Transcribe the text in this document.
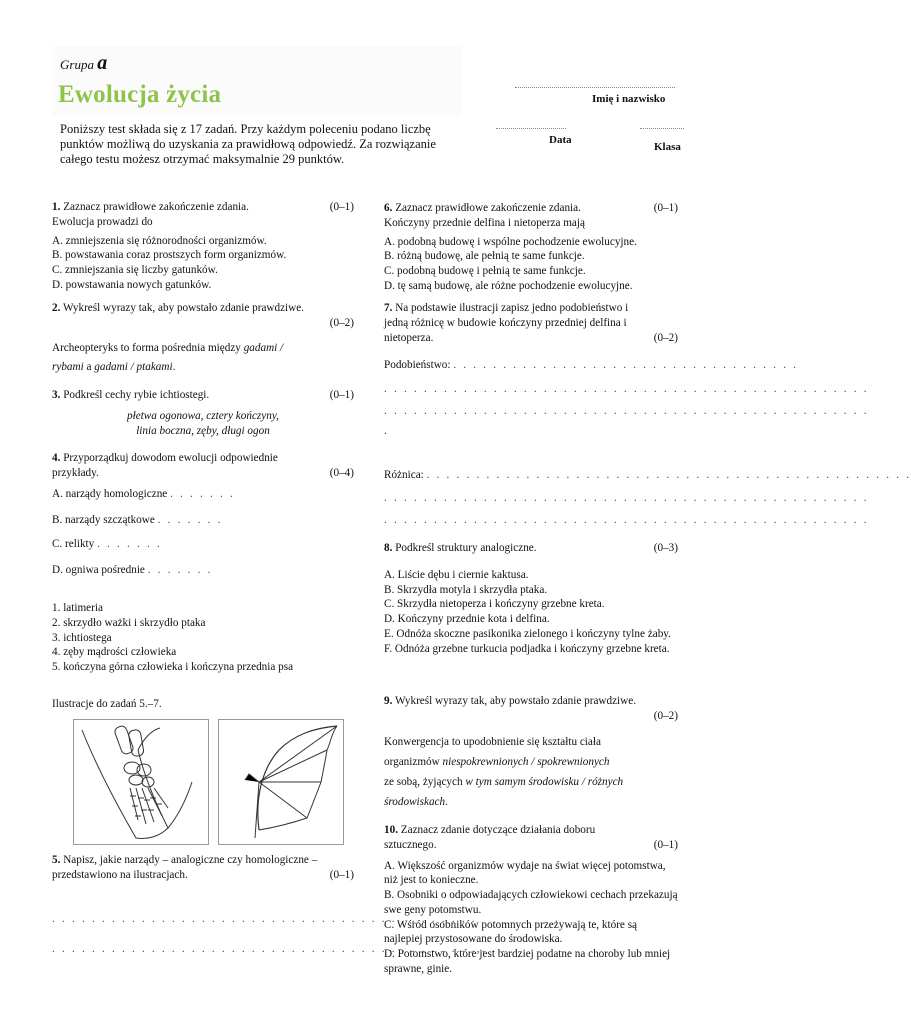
Grupa a
Ewolucja życia	Imię i nazwisko
Data
Klasa
Poniższy test składa się z 17 zadań. Przy każdym poleceniu podano liczbę punktów możliwą do uzyskania za prawidłową odpowiedź. Za rozwiązanie całego testu możesz otrzymać maksymalnie 29 punktów.

1. Zaznacz prawidłowe zakończenie zdania.	(0–1)

Ewolucja prowadzi do

A. zmniejszenia się różnorodności organizmów.
B. powstawania coraz prostszych form organizmów.
C. zmniejszania się liczby gatunków.
D. powstawania nowych gatunków.

2. Wykreśl wyrazy tak, aby powstało zdanie prawdziwe.

(0–2)

Archeopteryks to forma pośrednia między gadami /
rybami a gadami / ptakami.

3. Podkreśl cechy rybie ichtiostegi.	(0–1)

płetwa ogonowa, cztery kończyny,

linia boczna, zęby, długi ogon

4. Przyporządkuj dowodom ewolucji odpowiednie

przykłady.	(0–4)

A. narządy homologiczne . . . . . . .
B. narządy szczątkowe . . . . . . .
C. relikty . . . . . . .
D. ogniwa pośrednie . . . . . . .

1. latimeria

2. skrzydło ważki i skrzydło ptaka

3. ichtiostega

4. zęby mądrości człowieka

5. kończyna górna człowieka i kończyna przednia psa

Ilustracje do zadań 5.–7.

5. Napisz, jakie narządy – analogiczne czy homologiczne –

przedstawiono na ilustracjach.	(0–1)

. . . . . . . . . . . . . . . . . . . . . . . . . . . . . . . . . . . . . . . . . . .
. . . . . . . . . . . . . . . . . . . . . . . . . . . . . . . . . . . . . . . . . . .,. . .

6. Zaznacz prawidłowe zakończenie zdania.	(0–1)

Kończyny przednie delfina i nietoperza mają

A. podobną budowę i wspólne pochodzenie ewolucyjne.
B. różną budowę, ale pełnią te same funkcje.
C. podobną budowę i pełnią te same funkcje.
D. tę samą budowę, ale różne pochodzenie ewolucyjne.

7. Na podstawie ilustracji zapisz jedno podobieństwo i

jedną różnicę w budowie kończyny przedniej delfina i

nietoperza.	(0–2)

Podobieństwo: . . . . . . . . . . . . . . . . . . . . . . . . . . . . . . . . . . .
. . . . . . . . . . . . . . . . . . . . . . . . . . . . . . . . . . . . . . . . . . . . . . . . .
. . . . . . . . . . . . . . . . . . . . . . . . . . . . . . . . . . . . . . . . . . . . . . . . .
.
Różnica: . . . . . . . . . . . . . . . . . . . . . . . . . . . . . . . . . . . . . . . . . . . . . . . . .
. . . . . . . . . . . . . . . . . . . . . . . . . . . . . . . . . . . . . . . . . . . . . . . . .
. . . . . . . . . . . . . . . . . . . . . . . . . . . . . . . . . . . . . . . . . . . . . . . . .

8. Podkreśl struktury analogiczne.	(0–3)

A. Liście dębu i ciernie kaktusa.
B. Skrzydła motyla i skrzydła ptaka.
C. Skrzydła nietoperza i kończyny grzebne kreta.
D. Kończyny przednie kota i delfina.
E. Odnóża skoczne pasikonika zielonego i kończyny tylne żaby.
F. Odnóża grzebne turkucia podjadka i kończyny grzebne kreta.

9. Wykreśl wyrazy tak, aby powstało zdanie prawdziwe.

(0–2)

Konwergencja to upodobnienie się kształtu ciała
organizmów niespokrewnionych / spokrewnionych
ze sobą, żyjących w tym samym środowisku / różnych
środowiskach.

10. Zaznacz zdanie dotyczące działania doboru

sztucznego.	(0–1)

A. Większość organizmów wydaje na świat więcej potomstwa, niż jest to konieczne.
B. Osobniki o odpowiadających człowiekowi cechach przekazują swe geny potomstwu.
C. Wśród osobników potomnych przeżywają te, które są najlepiej przystosowane do środowiska.
D. Potomstwo, które jest bardziej podatne na choroby lub mniej sprawne, ginie.
